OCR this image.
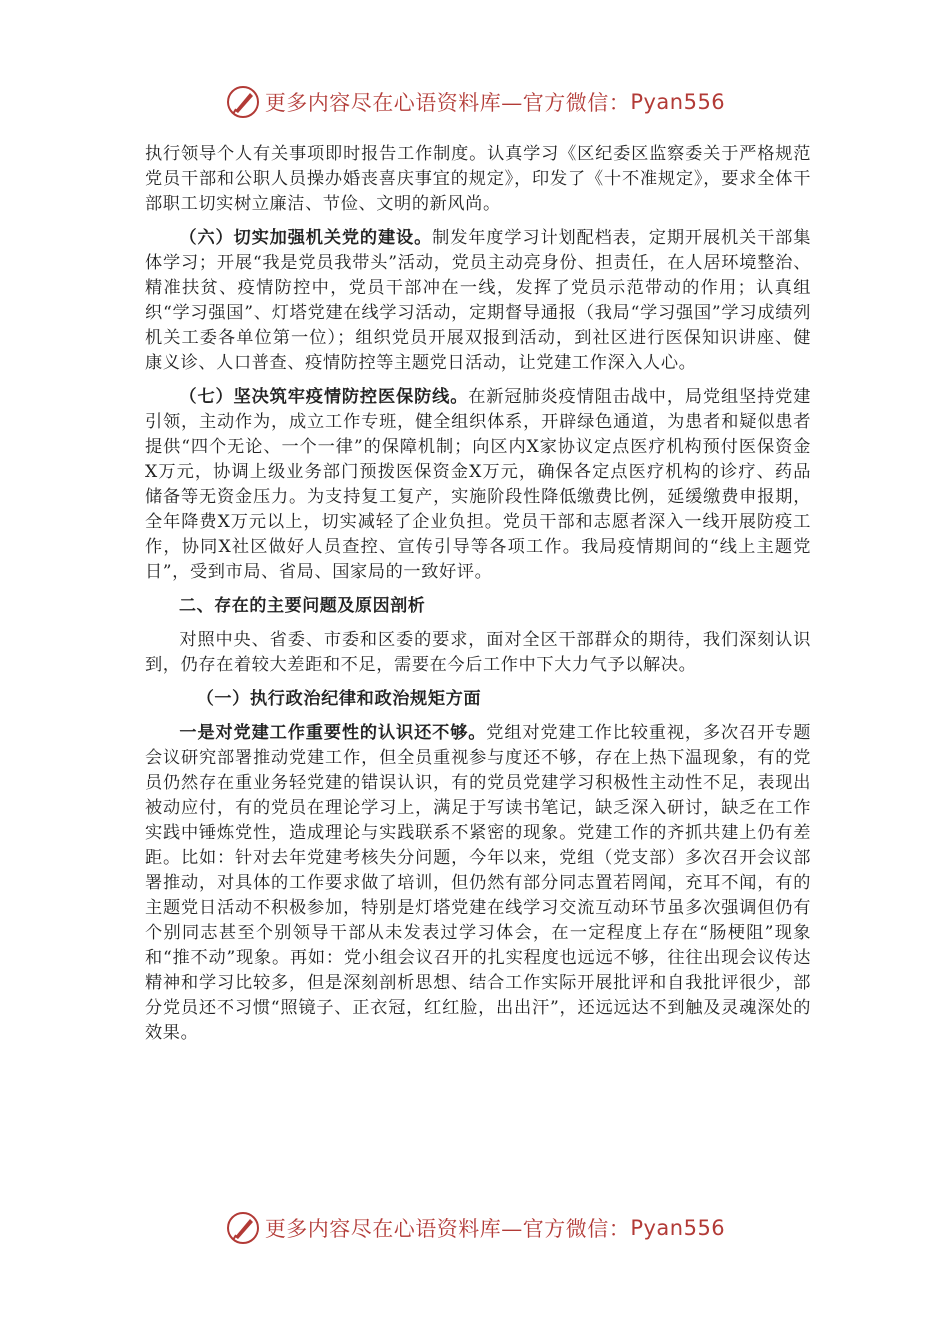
更多内容尽在心语资料库—官方微信： Pyan556

执行领导个人有关事项即时报告工作制度。认真学习《区纪委区监察委关于严格规范党员干部和公职人员操办婚丧喜庆事宜的规定》，印发了《十不准规定》，要求全体干部职工切实树立廉洁、节俭、文明的新风尚。

（六）切实加强机关党的建设。制发年度学习计划配档表，定期开展机关干部集体学习；开展“我是党员我带头”活动，党员主动亮身份、担责任，在人居环境整治、精准扶贫、疫情防控中，党员干部冲在一线，发挥了党员示范带动的作用；认真组织“学习强国”、灯塔党建在线学习活动，定期督导通报（我局“学习强国”学习成绩列机关工委各单位第一位）；组织党员开展双报到活动，到社区进行医保知识讲座、健康义诊、人口普查、疫情防控等主题党日活动，让党建工作深入人心。

（七）坚决筑牢疫情防控医保防线。在新冠肺炎疫情阻击战中，局党组坚持党建引领，主动作为，成立工作专班，健全组织体系，开辟绿色通道，为患者和疑似患者提供“四个无论、一个一律”的保障机制；向区内X家协议定点医疗机构预付医保资金X万元，协调上级业务部门预拨医保资金X万元，确保各定点医疗机构的诊疗、药品储备等无资金压力。为支持复工复产，实施阶段性降低缴费比例，延缓缴费申报期，全年降费X万元以上，切实减轻了企业负担。党员干部和志愿者深入一线开展防疫工作，协同X社区做好人员查控、宣传引导等各项工作。我局疫情期间的“线上主题党日”，受到市局、省局、国家局的一致好评。

二、存在的主要问题及原因剖析

对照中央、省委、市委和区委的要求，面对全区干部群众的期待，我们深刻认识到，仍存在着较大差距和不足，需要在今后工作中下大力气予以解决。

（一）执行政治纪律和政治规矩方面

一是对党建工作重要性的认识还不够。党组对党建工作比较重视，多次召开专题会议研究部署推动党建工作，但全员重视参与度还不够，存在上热下温现象，有的党员仍然存在重业务轻党建的错误认识，有的党员党建学习积极性主动性不足，表现出被动应付，有的党员在理论学习上，满足于写读书笔记，缺乏深入研讨，缺乏在工作实践中锤炼党性，造成理论与实践联系不紧密的现象。党建工作的齐抓共建上仍有差距。比如：针对去年党建考核失分问题，今年以来，党组（党支部）多次召开会议部署推动，对具体的工作要求做了培训，但仍然有部分同志置若罔闻，充耳不闻，有的主题党日活动不积极参加，特别是灯塔党建在线学习交流互动环节虽多次强调但仍有个别同志甚至个别领导干部从未发表过学习体会，在一定程度上存在“肠梗阻”现象和“推不动”现象。再如：党小组会议召开的扎实程度也远远不够，往往出现会议传达精神和学习比较多，但是深刻剖析思想、结合工作实际开展批评和自我批评很少，部分党员还不习惯“照镜子、正衣冠，红红脸，出出汗”，还远远达不到触及灵魂深处的效果。

更多内容尽在心语资料库—官方微信： Pyan556
